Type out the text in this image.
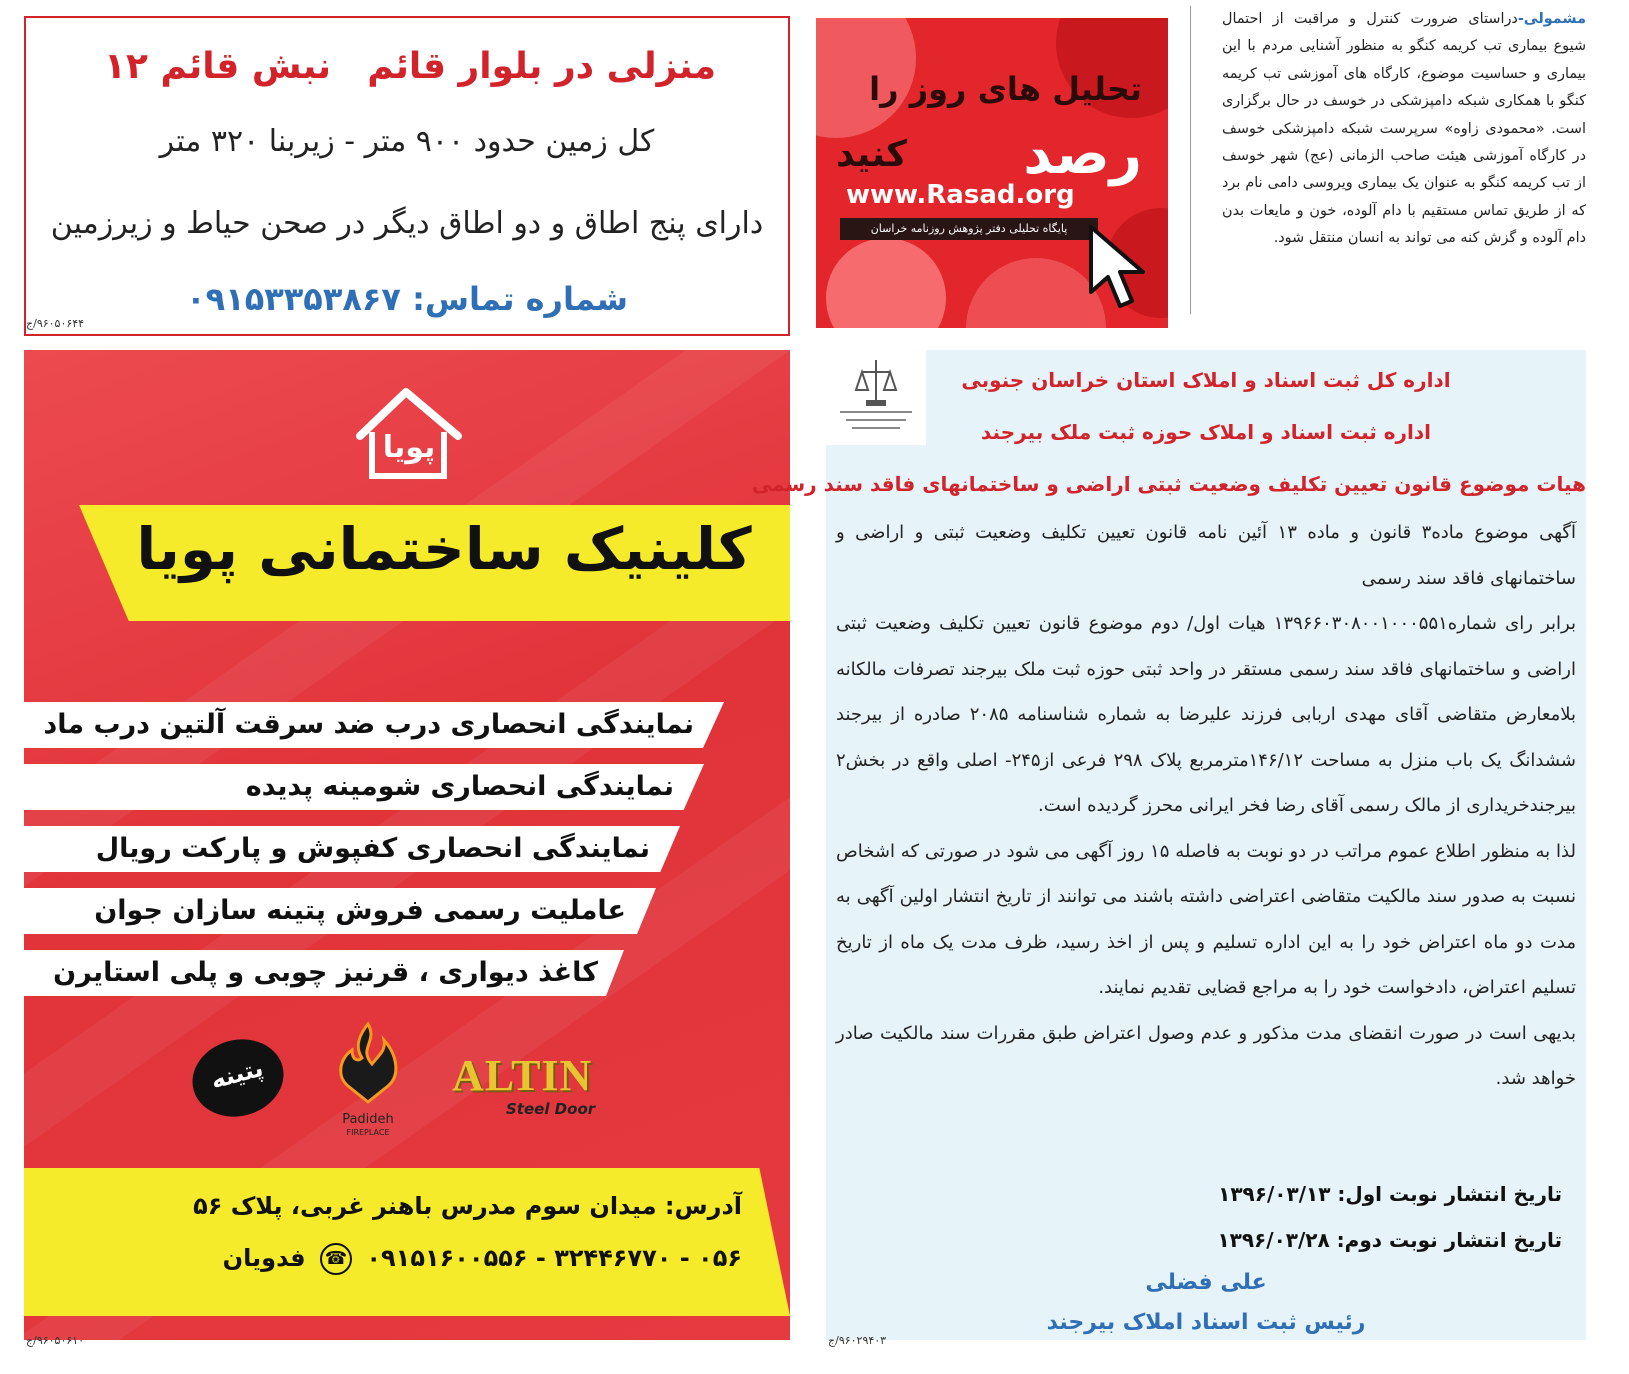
منزلی در بلوار قائم
نبش قائم ۱۲
کل زمین حدود ۹۰۰ متر - زیربنا ۳۲۰ متر
دارای پنج اطاق و دو اطاق دیگر در صحن حیاط و زیرزمین
شماره تماس: ۰۹۱۵۳۳۵۳۸۶۷
۹۶۰۵۰۶۴۴/ج
تحلیل های روز را
رصد
کنید
www.Rasad.org
پایگاه تحلیلی دفتر پژوهش روزنامه خراسان
مشمولی-دراستای ضرورت کنترل و مراقبت از احتمال شیوع بیماری تب کریمه کنگو به منظور آشنایی مردم با این بیماری و حساسیت موضوع، کارگاه های آموزشی تب کریمه کنگو با همکاری شبکه دامپزشکی در خوسف در حال برگزاری است. «محمودی زاوه» سرپرست شبکه دامپزشکی خوسف در کارگاه آموزشی هیئت صاحب الزمانی (عج) شهر خوسف از تب کریمه کنگو به عنوان یک بیماری ویروسی دامی نام برد که از طریق تماس مستقیم با دام آلوده، خون و مایعات بدن دام آلوده و گزش کنه می تواند به انسان منتقل شود.
پویا
کلینیک ساختمانی پویا
نمایندگی انحصاری درب ضد سرقت آلتین درب ماد
نمایندگی انحصاری شومینه پدیده
نمایندگی انحصاری کفپوش و پارکت رویال
عاملیت رسمی فروش پتینه سازان جوان
کاغذ دیواری ، قرنیز چوبی و پلی استایرن
پتینه
Padideh
FIREPLACE
ALTIN
Steel Door
آدرس: میدان سوم مدرس باهنر غربی، پلاک ۵۶
۰۵۶ - ۳۲۴۴۶۷۷۰ - ۰۹۱۵۱۶۰۰۵۵۶ ☎ فدویان
۹۶۰۵۰۶۱۰/ج
اداره کل ثبت اسناد و املاک استان خراسان جنوبی
اداره ثبت اسناد و املاک حوزه ثبت ملک بیرجند
هیات موضوع قانون تعیین تکلیف وضعیت ثبتی اراضی و ساختمانهای فاقد سند رسمی

آگهی موضوع ماده۳ قانون و ماده ۱۳ آئین نامه قانون تعیین تکلیف وضعیت ثبتی و اراضی و ساختمانهای فاقد سند رسمی

برابر رای شماره۱۳۹۶۶۰۳۰۸۰۰۱۰۰۰۵۵۱ هیات اول/ دوم موضوع قانون تعیین تکلیف وضعیت ثبتی اراضی و ساختمانهای فاقد سند رسمی مستقر در واحد ثبتی حوزه ثبت ملک بیرجند تصرفات مالکانه بلامعارض متقاضی آقای مهدی اربابی فرزند علیرضا به شماره شناسنامه ۲۰۸۵ صادره از بیرجند ششدانگ یک باب منزل به مساحت ۱۴۶/۱۲مترمربع پلاک ۲۹۸ فرعی از۲۴۵- اصلی واقع در بخش۲ بیرجندخریداری از مالک رسمی آقای رضا فخر ایرانی محرز گردیده است.

لذا به منظور اطلاع عموم مراتب در دو نوبت به فاصله ۱۵ روز آگهی می شود در صورتی که اشخاص نسبت به صدور سند مالکیت متقاضی اعتراضی داشته باشند می توانند از تاریخ انتشار اولین آگهی به مدت دو ماه اعتراض خود را به این اداره تسلیم و پس از اخذ رسید، ظرف مدت یک ماه از تاریخ تسلیم اعتراض، دادخواست خود را به مراجع قضایی تقدیم نمایند.

بدیهی است در صورت انقضای مدت مذکور و عدم وصول اعتراض طبق مقررات سند مالکیت صادر خواهد شد.

تاریخ انتشار نوبت اول: ۱۳۹۶/۰۳/۱۳
تاریخ انتشار نوبت دوم: ۱۳۹۶/۰۳/۲۸
علی فضلی
رئیس ثبت اسناد املاک بیرجند
۹۶۰۲۹۴۰۳/ج
